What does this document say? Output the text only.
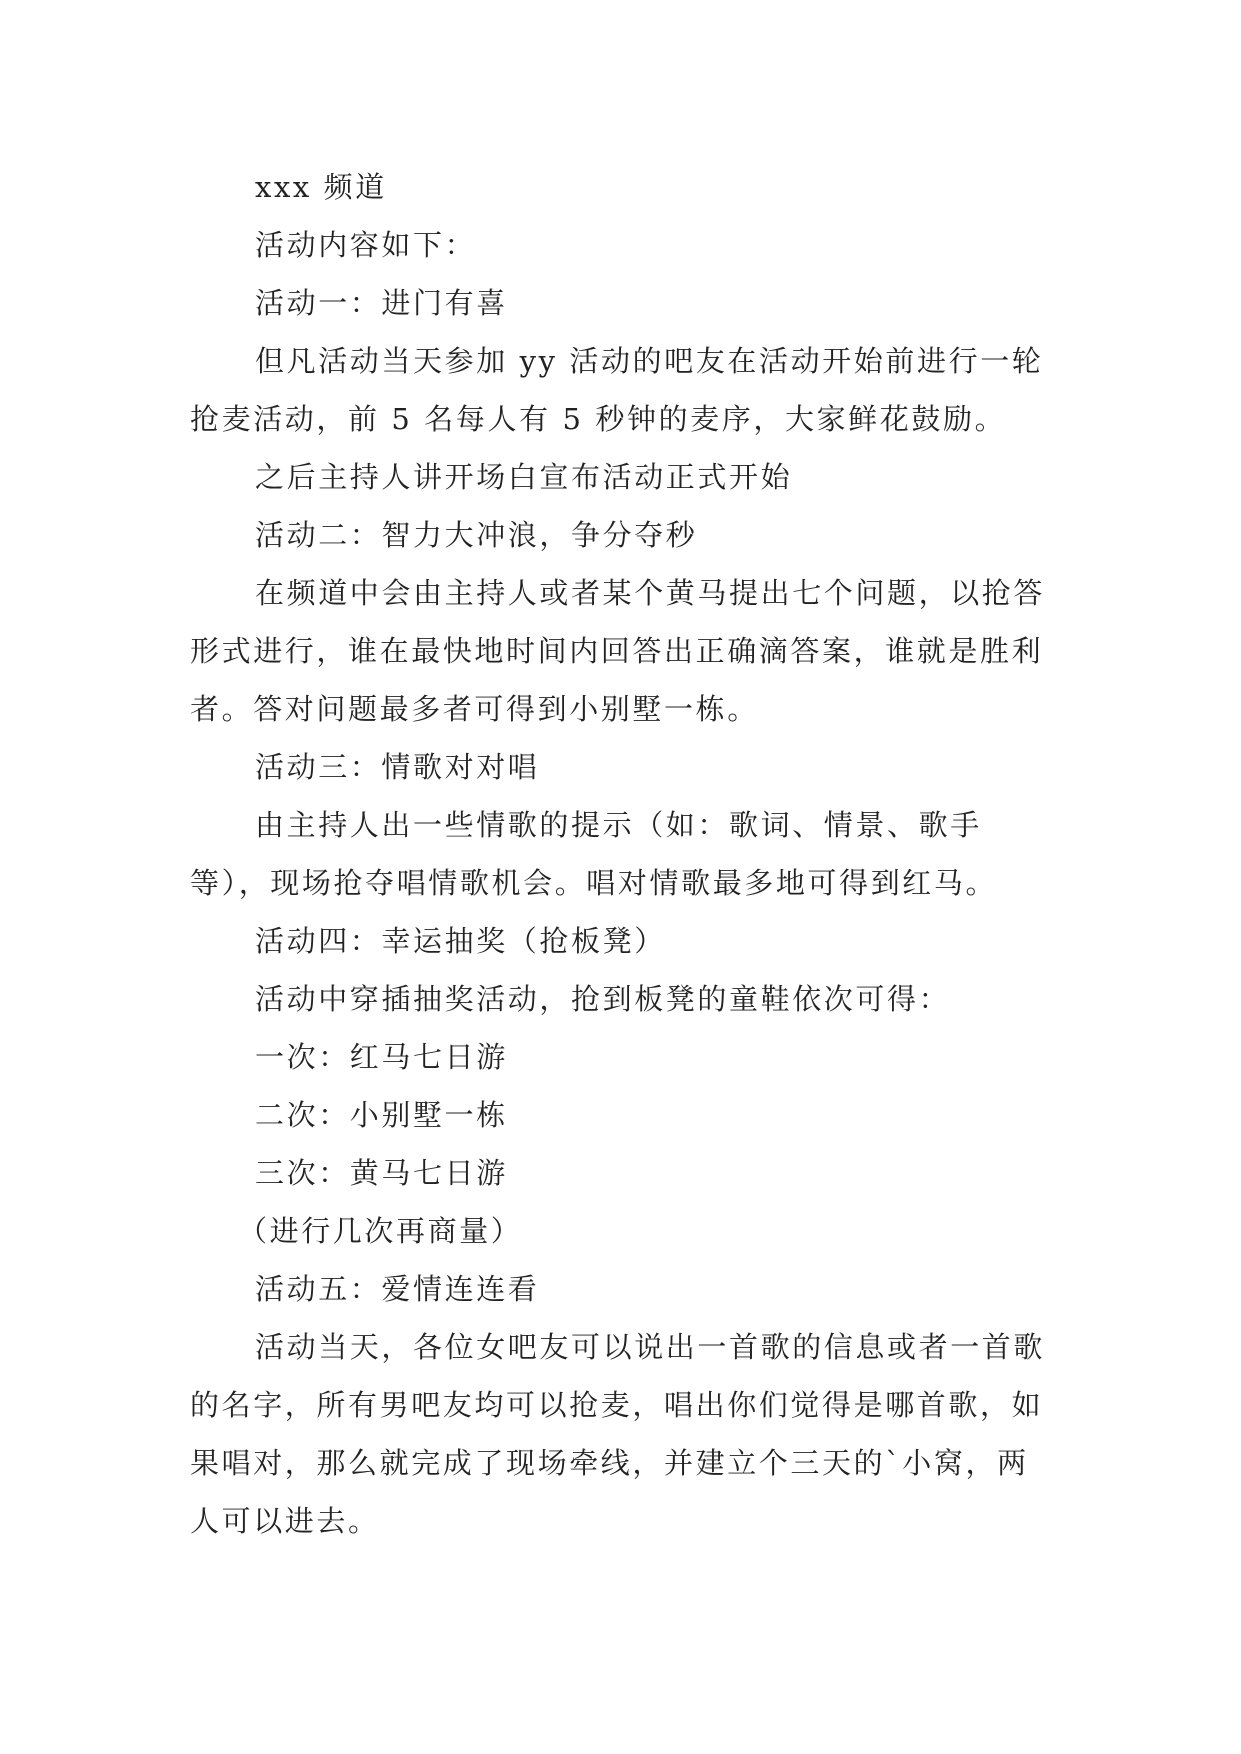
xxx 频道

活动内容如下：

活动一：进门有喜

但凡活动当天参加 yy 活动的吧友在活动开始前进行一轮抢麦活动，前 5 名每人有 5 秒钟的麦序，大家鲜花鼓励。

之后主持人讲开场白宣布活动正式开始

活动二：智力大冲浪，争分夺秒

在频道中会由主持人或者某个黄马提出七个问题，以抢答形式进行，谁在最快地时间内回答出正确滴答案，谁就是胜利者。答对问题最多者可得到小别墅一栋。

活动三：情歌对对唱

由主持人出一些情歌的提示（如：歌词、情景、歌手等），现场抢夺唱情歌机会。唱对情歌最多地可得到红马。

活动四：幸运抽奖（抢板凳）

活动中穿插抽奖活动，抢到板凳的童鞋依次可得：

一次：红马七日游

二次：小别墅一栋

三次：黄马七日游

（进行几次再商量）

活动五：爱情连连看

活动当天，各位女吧友可以说出一首歌的信息或者一首歌的名字，所有男吧友均可以抢麦，唱出你们觉得是哪首歌，如果唱对，那么就完成了现场牵线，并建立个三天的`小窝，两人可以进去。
